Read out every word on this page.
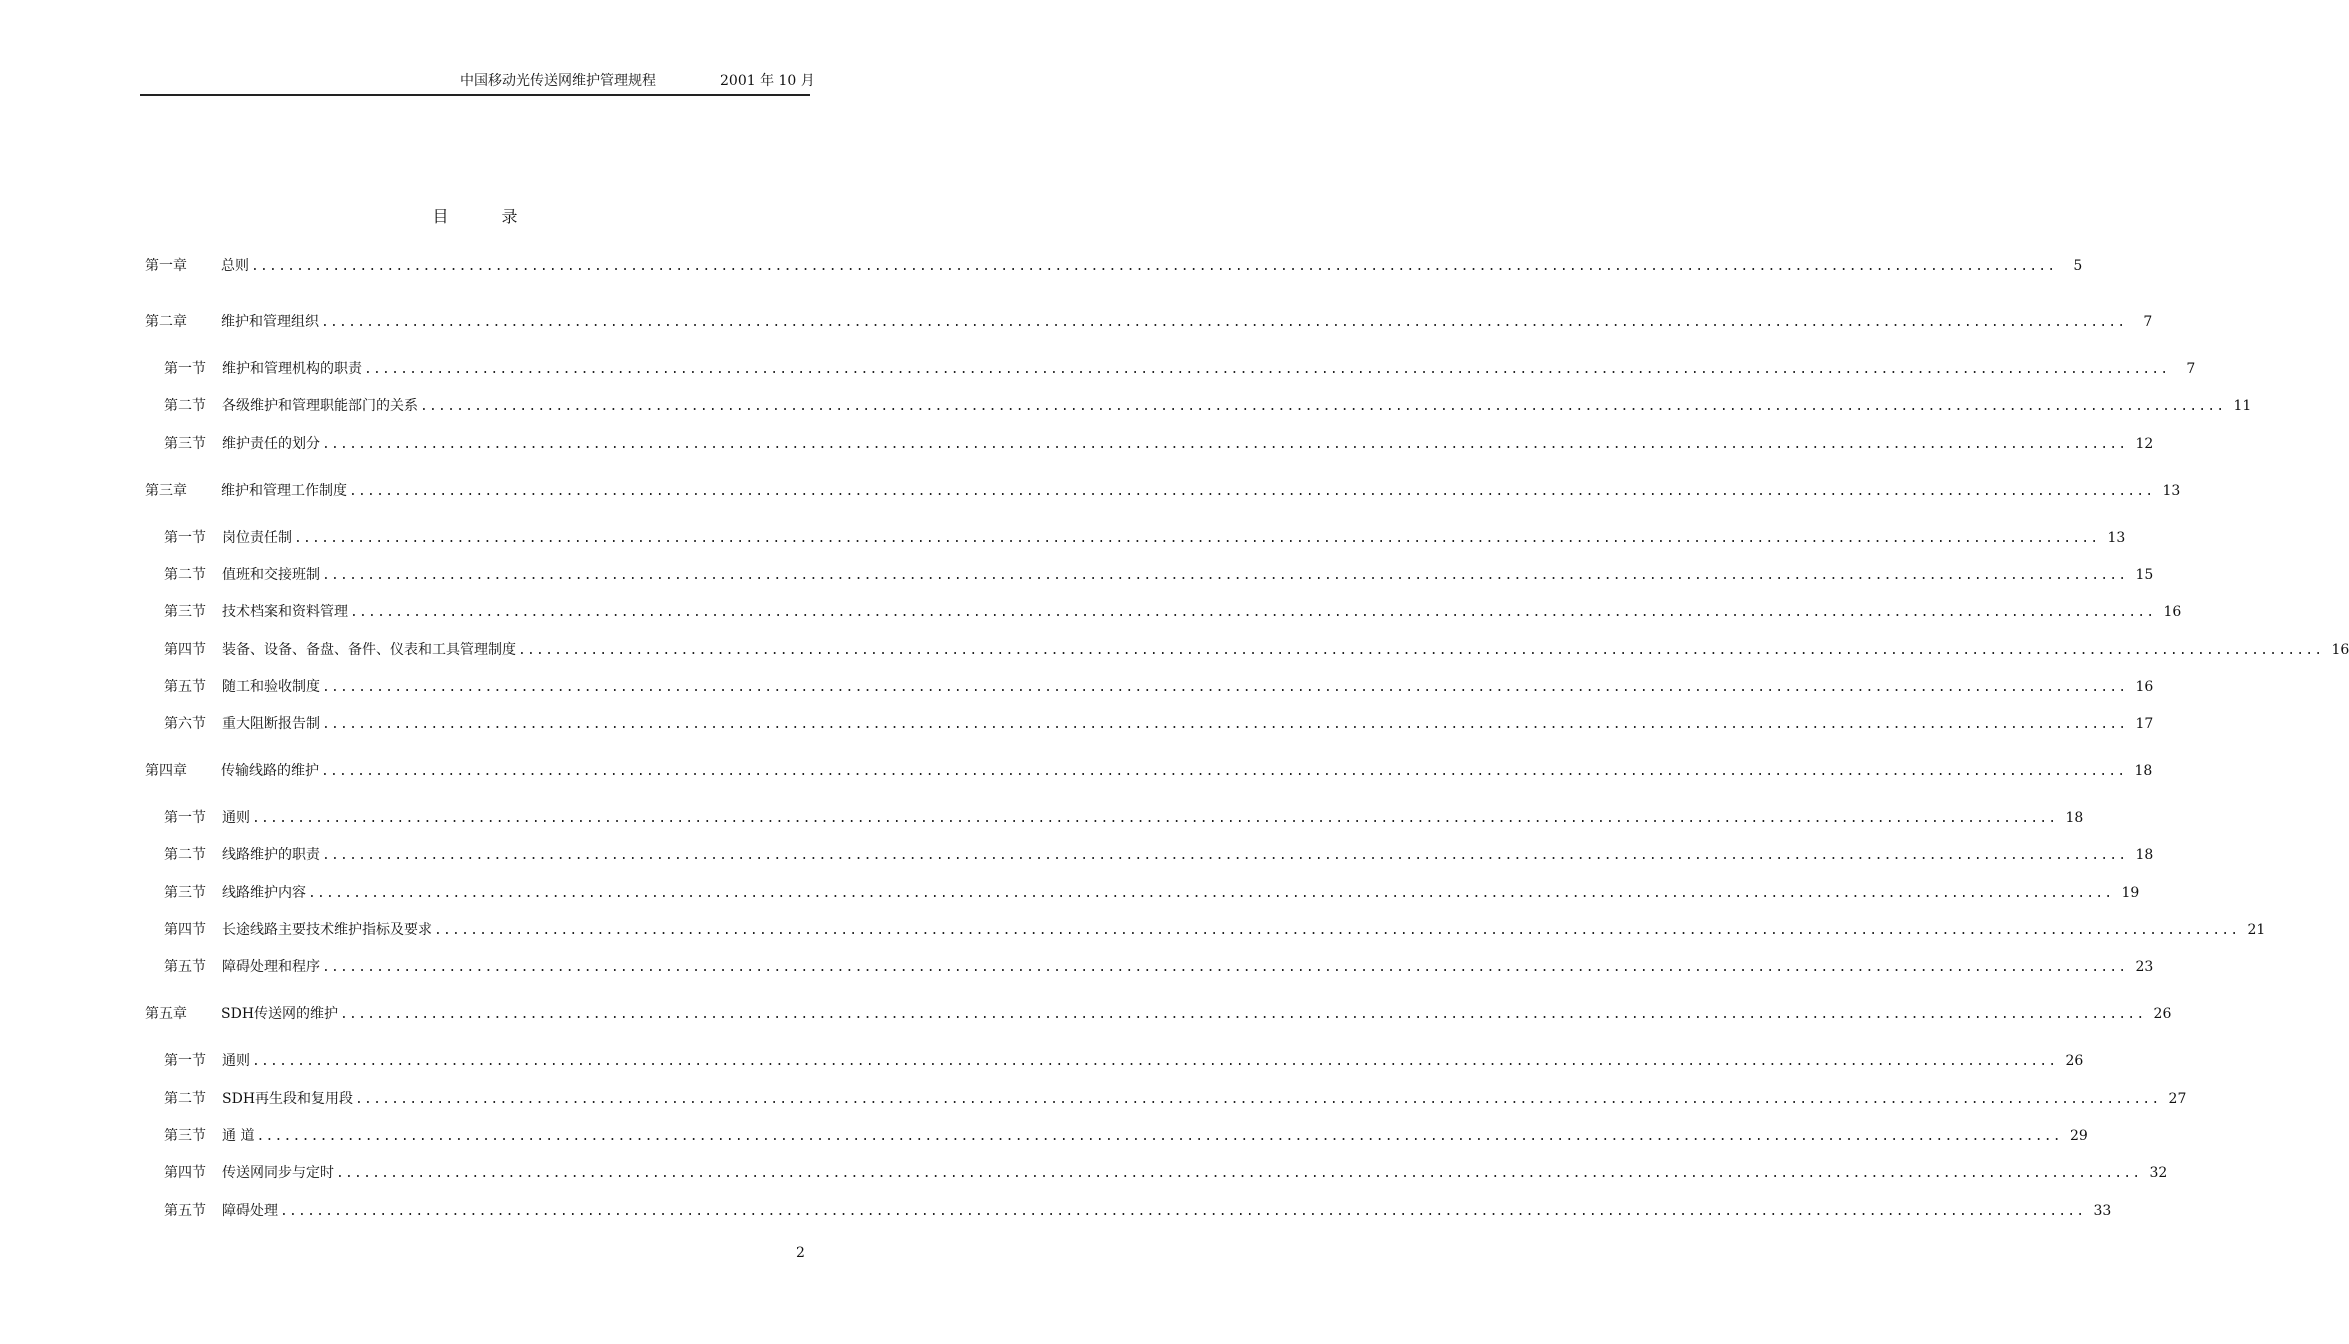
中国移动光传送网维护管理规程	2001 年 10 月
目 录
第一章	总则 ........................................................................................................................................................................................................	5
第二章	维护和管理组织 ........................................................................................................................................................................................................	7
第一节	维护和管理机构的职责 ........................................................................................................................................................................................................	7
第二节	各级维护和管理职能部门的关系 ........................................................................................................................................................................................................ 11
第三节	维护责任的划分 ........................................................................................................................................................................................................ 12
第三章	维护和管理工作制度 ........................................................................................................................................................................................................ 13
第一节	岗位责任制 ........................................................................................................................................................................................................ 13
第二节	值班和交接班制 ........................................................................................................................................................................................................ 15
第三节	技术档案和资料管理 ........................................................................................................................................................................................................ 16
第四节	装备、设备、备盘、备件、仪表和工具管理制度 ........................................................................................................................................................................................................ 16
第五节	随工和验收制度 ........................................................................................................................................................................................................ 16
第六节	重大阻断报告制 ........................................................................................................................................................................................................ 17
第四章	传输线路的维护 ........................................................................................................................................................................................................ 18
第一节	通则 ........................................................................................................................................................................................................ 18
第二节	线路维护的职责 ........................................................................................................................................................................................................ 18
第三节	线路维护内容 ........................................................................................................................................................................................................ 19
第四节	长途线路主要技术维护指标及要求 ........................................................................................................................................................................................................ 21
第五节	障碍处理和程序 ........................................................................................................................................................................................................ 23
第五章	SDH传送网的维护 ........................................................................................................................................................................................................ 26
第一节	通则 ........................................................................................................................................................................................................ 26
第二节	SDH再生段和复用段 ........................................................................................................................................................................................................ 27
第三节	通 道 ........................................................................................................................................................................................................ 29
第四节	传送网同步与定时 ........................................................................................................................................................................................................ 32
第五节	障碍处理 ........................................................................................................................................................................................................ 33
2
